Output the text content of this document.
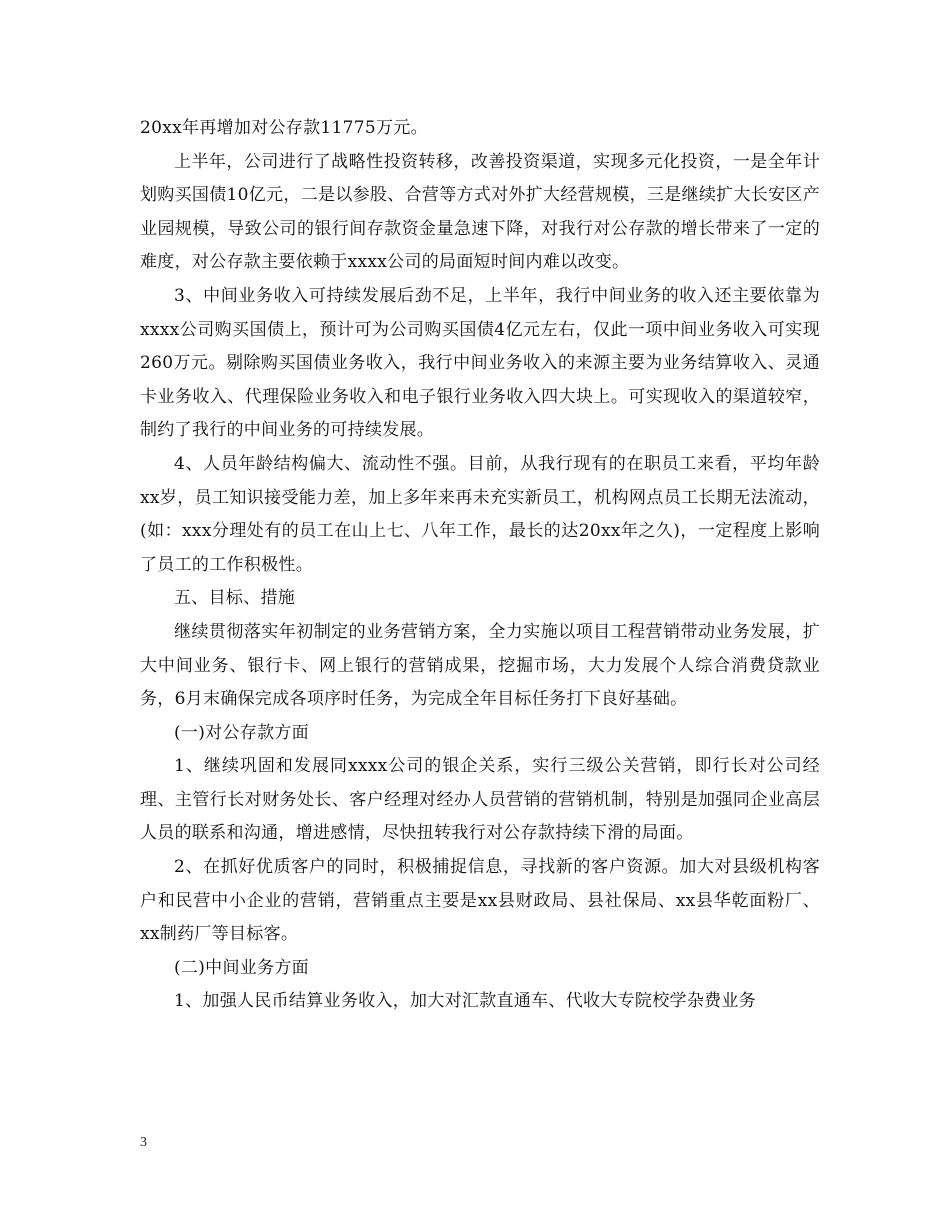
20xx年再增加对公存款11775万元。

上半年，公司进行了战略性投资转移，改善投资渠道，实现多元化投资，一是全年计划购买国债10亿元，二是以参股、合营等方式对外扩大经营规模，三是继续扩大长安区产业园规模，导致公司的银行间存款资金量急速下降，对我行对公存款的增长带来了一定的难度，对公存款主要依赖于xxxx公司的局面短时间内难以改变。

3、中间业务收入可持续发展后劲不足，上半年，我行中间业务的收入还主要依靠为xxxx公司购买国债上，预计可为公司购买国债4亿元左右，仅此一项中间业务收入可实现260万元。剔除购买国债业务收入，我行中间业务收入的来源主要为业务结算收入、灵通卡业务收入、代理保险业务收入和电子银行业务收入四大块上。可实现收入的渠道较窄，制约了我行的中间业务的可持续发展。

4、人员年龄结构偏大、流动性不强。目前，从我行现有的在职员工来看，平均年龄xx岁，员工知识接受能力差，加上多年来再未充实新员工，机构网点员工长期无法流动，(如：xxx分理处有的员工在山上七、八年工作，最长的达20xx年之久)，一定程度上影响了员工的工作积极性。

五、目标、措施

继续贯彻落实年初制定的业务营销方案，全力实施以项目工程营销带动业务发展，扩大中间业务、银行卡、网上银行的营销成果，挖掘市场，大力发展个人综合消费贷款业务，6月末确保完成各项序时任务，为完成全年目标任务打下良好基础。

(一)对公存款方面

1、继续巩固和发展同xxxx公司的银企关系，实行三级公关营销，即行长对公司经理、主管行长对财务处长、客户经理对经办人员营销的营销机制，特别是加强同企业高层人员的联系和沟通，增进感情，尽快扭转我行对公存款持续下滑的局面。

2、在抓好优质客户的同时，积极捕捉信息，寻找新的客户资源。加大对县级机构客户和民营中小企业的营销，营销重点主要是xx县财政局、县社保局、xx县华乾面粉厂、xx制药厂等目标客。

(二)中间业务方面

1、加强人民币结算业务收入，加大对汇款直通车、代收大专院校学杂费业务

3
